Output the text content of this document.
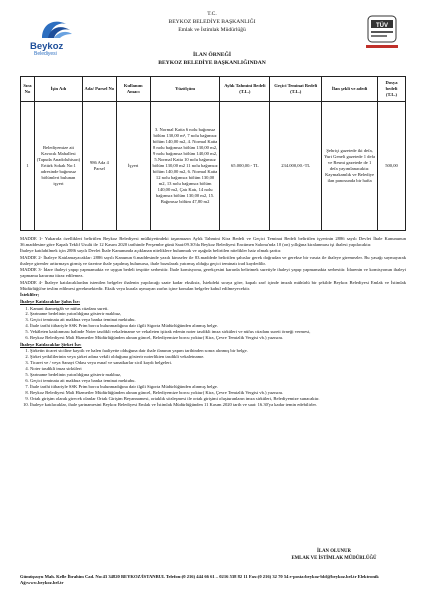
Beykoz
Belediyesi
T.C.
BEYKOZ BELEDİYE BAŞKANLIĞI
Emlak ve İstimlak Müdürlüğü
TÜV
İLAN ÖRNEĞİ
BEYKOZ BELEDİYE BAŞKANLIĞINDAN
Sıra No	İşin Adı	Ada/ Parsel No	Kullanım Amacı	Yüzölçüm	Aylık Tahmini Bedeli (T.L.)	Geçici Teminat Bedeli (T.L.)	İlan şekli ve adedi	Dosya bedeli (T.L.)
1	Belediyemize ait Kavacık Mahallesi (Tapuda Anadoluhisarı) Ertürk Sokak No:1 adresinde bağımsız bölümleri bulunan işyeri	986 Ada 4 Parsel	İşyeri	3. Normal Katta 6 nolu bağımsız bölüm 130,00 m², 7 nolu bağımsız bölüm 140,00 m2, 4. Normal Katta 8 nolu bağımsız bölüm 130,00 m2, 9 nolu bağımsız bölüm 140,00 m2, 5.Normal Katta 10 nolu bağımsız bölüm 130,00 m2 11 nolu bağımsız bölüm 140,00 m2, 6. Normal Katta 12 nolu bağımsız bölüm 130,00 m2, 13 nolu bağımsız bölüm 140,00 m2, Çatı Katı, 14 nolu bağımsız bölüm 130,00 m2, 15. Bağımsız bölüm 47,80 m2	65.000,00.- TL	234.000,00.-TL	Şehriçi gazetede iki defa, Yurt Geneli gazetede 1 defa ve Resmi gazetede de 1 defa yayımlanacaktır. Kaymakamlık ve Belediye ilan panosunda bir hafta	500,00

MADDE 1- Yukarıda özellikleri belirtilen Beykoz Belediyesi mülkiyetindeki taşınmazın Aylık Tahmini Kira Bedeli ve Geçici Teminat Bedeli belirtilen işyerinin 2886 sayılı Devlet İhale Kanununun 36.maddesine göre Kapalı Teklif Usulü ile 12 Kasım 2020 tarihinde Perşembe günü Saat:09.30'da Beykoz Belediyesi Encümen Salonu'nda 10 (on) yıllığına kiralanması işi ihalesi yapılacaktır.

İhaleye katılabilmek için 2886 sayılı Devlet İhale Kanununda açıklanan niteliklere bulunmak ve aşağıda belirtilen nitelikler haiz olmak şarttır.

MADDE 2- İhaleye Katılamayacaklar: 2886 sayılı Kanunun 6.maddesinde yazılı kimseler ile 83.maddede belirtilen şahıslar gerek doğrudan ve gerekse bir vasıta ile ihaleye giremezler. Bu yasağı saymayarak ihaleye girenler arttırmaya girmiş ve üzerine ihale yapılmış bulunursa, ihale bozularak yatırmış olduğu geçici teminatı irad kaydedilir.

MADDE 3- İdare ihaleyi yapıp yapmamakta ve uygun bedeli tespitte serbesttir. İhale komisyonu, gerekçesini kararda belirtmek suretiyle ihaleyi yapıp yapmamakta serbesttir. İdarenin ve komisyonun ihaleyi yapmama kararına itiraz edilemez.

MADDE 4- İhaleye katılacaklardan istenilen belgeler ihalenin yapılacağı saate kadar eksiksiz, İstekdeki sıraya göre, kapalı zarf içinde imzalı mühürlü bir şekilde Beykoz Belediyesi Emlak ve İstimlak Müdürlüğü'ne teslim edilmesi gerekmektedir. Eksik veya kurala uymayan zarfın içine konulan belgeler kabul edilmeyecektir.

İstekliler;

İhaleye Katılacaklar Şahıs İse:

1. Kanuni ikametgâh ve nüfus cüzdanı sureti.
2. Şartname bedelinin yatırıldığına gösterir makbuz,
3. Geçici teminata ait makbuz veya banka teminat mektubu.
4. İhale tarihi itibariyle SSK Prim borcu bulunmadığına dair ilgili Sigorta Müdürlüğünden alınmış belge.
5. Vekâleten katılınması halinde Noter tasdikli vekaletname ve vekaleten iştirak edenin noter tasdikli imza sirküleri ve nüfus cüzdanı sureti örneği vermesi,
6. Beykoz Belediyesi Mali Hizmetler Müdürlüğünden alınan güncel, Belediyemize borcu yoktur( Kira, Çevre Temizlik Vergisi vb.) yazısını.

İhaleye Katılacaklar Şirket İse:

1. Şirketin ticaret siciline kayıtlı ve halen faaliyette olduğuna dair ihale ilanının yapım tarihinden sonra alınmış bir belge.
2. Şirket yetkililerinin veya şirket adına vekili olduğuna gösterir noterlikten tasdikli vekaletname.
3. Ticaret ve / veya Sanayi Odası veya esnaf ve sanatkarlar sicil kaydı belgeleri.
4. Noter tasdikli imza sirküleri
5. Şartname bedelinin yatırıldığına gösterir makbuz,
6. Geçici teminata ait makbuz veya banka teminat mektubu.
7. İhale tarihi itibariyle SSK Prim borcu bulunmadığına dair ilgili Sigorta Müdürlüğünden alınmış belge.
8. Beykoz Belediyesi Mali Hizmetler Müdürlüğünden alınan güncel, Belediyemize borcu yoktur( Kira, Çevre Temizlik Vergisi vb.) yazısını.
9. Ortak girişim olarak girecek olanlar Ortak Girişim Beyannamesi, ortaklık sözleşmesi ile ortak girişimi oluşturanların imza sirküleri, Belediyemize sunacaktır.
10. İhaleye katılacaklar, ihale şartnamesini Beykoz Belediyesi Emlak ve İstimlak Müdürlüğünden 11 Kasım 2020 tarih ve saat: 16.30'ya kadar temin edebilirler.
İLAN OLUNUR
EMLAK VE İSTİMLAK MÜDÜRLÜĞÜ
Gümüşsuyu Mah. Kelle İbrahim Cad. No:43 34820 BEYKOZ/İSTANBUL Telefon:(0 216) 444 66 61 – 0216 538 82 11 Fax:(0 216) 32 70 54 e-posta:beykoz-bld@beykoz.bel.tr Elektronik Ağ:www.beykoz.bel.tr
